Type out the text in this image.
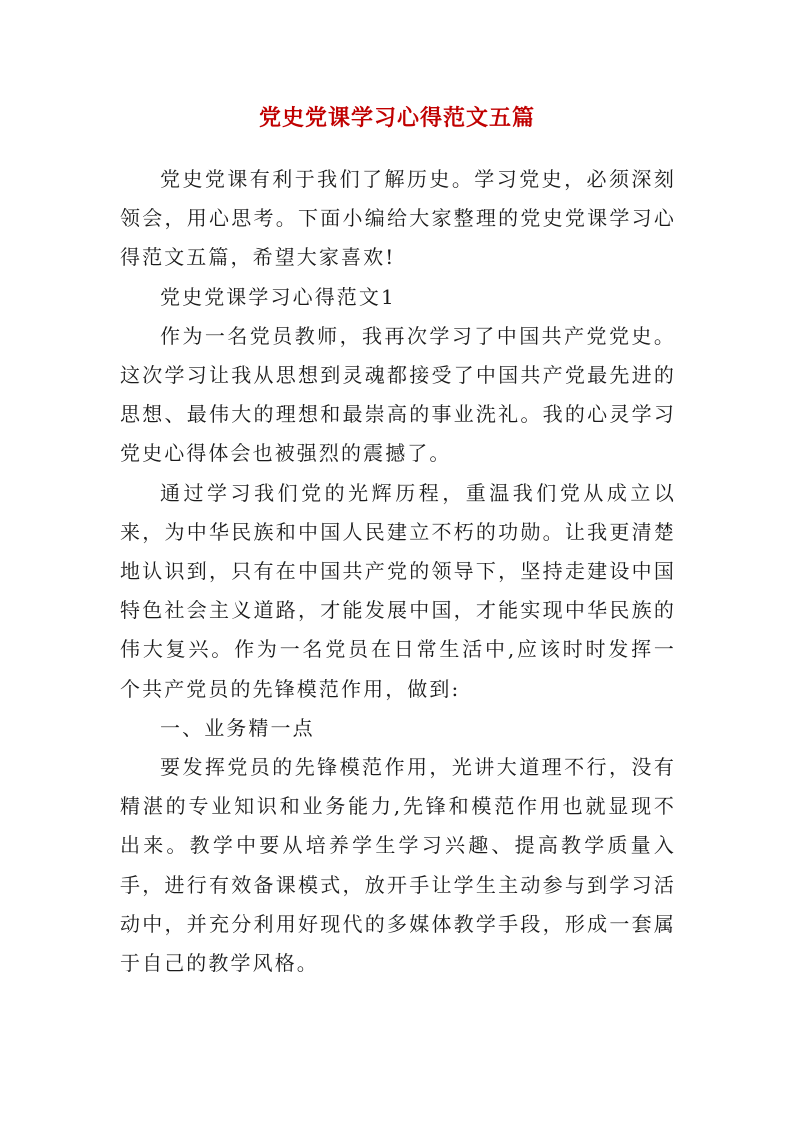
党史党课学习心得范文五篇

党史党课有利于我们了解历史。学习党史，必须深刻领会，用心思考。下面小编给大家整理的党史党课学习心得范文五篇，希望大家喜欢!

党史党课学习心得范文1

作为一名党员教师，我再次学习了中国共产党党史。这次学习让我从思想到灵魂都接受了中国共产党最先进的思想、最伟大的理想和最崇高的事业洗礼。我的心灵学习党史心得体会也被强烈的震撼了。

通过学习我们党的光辉历程，重温我们党从成立以来，为中华民族和中国人民建立不朽的功勋。让我更清楚地认识到，只有在中国共产党的领导下，坚持走建设中国特色社会主义道路，才能发展中国，才能实现中华民族的伟大复兴。作为一名党员在日常生活中,应该时时发挥一个共产党员的先锋模范作用，做到:

一、业务精一点

要发挥党员的先锋模范作用，光讲大道理不行，没有精湛的专业知识和业务能力,先锋和模范作用也就显现不出来。教学中要从培养学生学习兴趣、提高教学质量入手，进行有效备课模式，放开手让学生主动参与到学习活动中，并充分利用好现代的多媒体教学手段，形成一套属于自己的教学风格。
